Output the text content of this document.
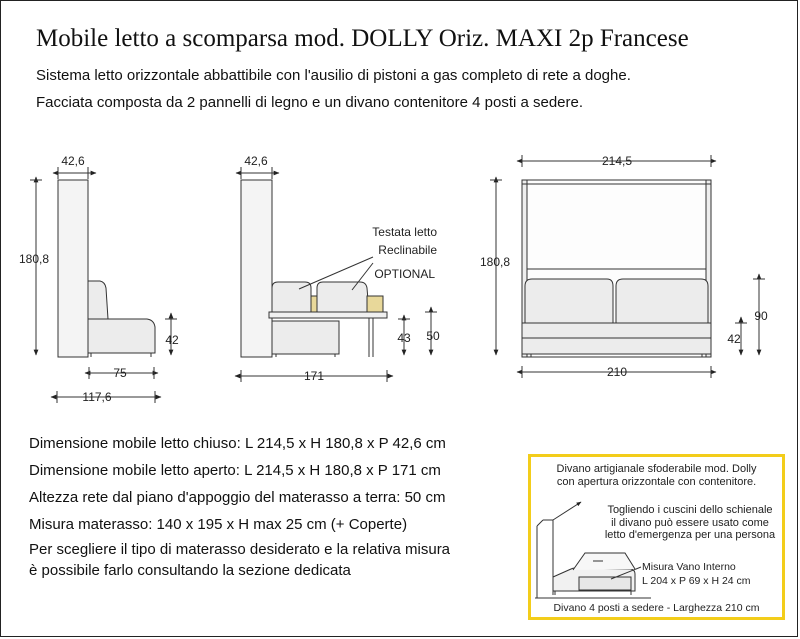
Mobile letto a scomparsa mod. DOLLY Oriz. MAXI 2p Francese
Sistema letto orizzontale abbattibile con l'ausilio di pistoni a gas completo di rete a doghe.
Facciata composta da 2 pannelli di legno e un divano contenitore 4 posti a sedere.
42,6
180,8
42
75
117,6
42,6
171
43 50
Testata letto
Reclinabile
OPTIONAL
214,5
180,8
90
42
210
Dimensione mobile letto chiuso: L 214,5 x H 180,8 x P 42,6 cm
Dimensione mobile letto aperto: L 214,5 x H 180,8 x P 171 cm
Altezza rete dal piano d'appoggio del materasso a terra: 50 cm
Misura materasso: 140 x 195 x H max 25 cm (+ Coperte)
Per scegliere il tipo di materasso desiderato e la relativa misura
è possibile farlo consultando la sezione dedicata
Divano artigianale sfoderabile mod. Dolly
con apertura orizzontale con contenitore.
Togliendo i cuscini dello schienale
il divano può essere usato come
letto d'emergenza per una persona
Misura Vano Interno
L 204 x P 69 x H 24 cm
Divano 4 posti a sedere - Larghezza 210 cm
